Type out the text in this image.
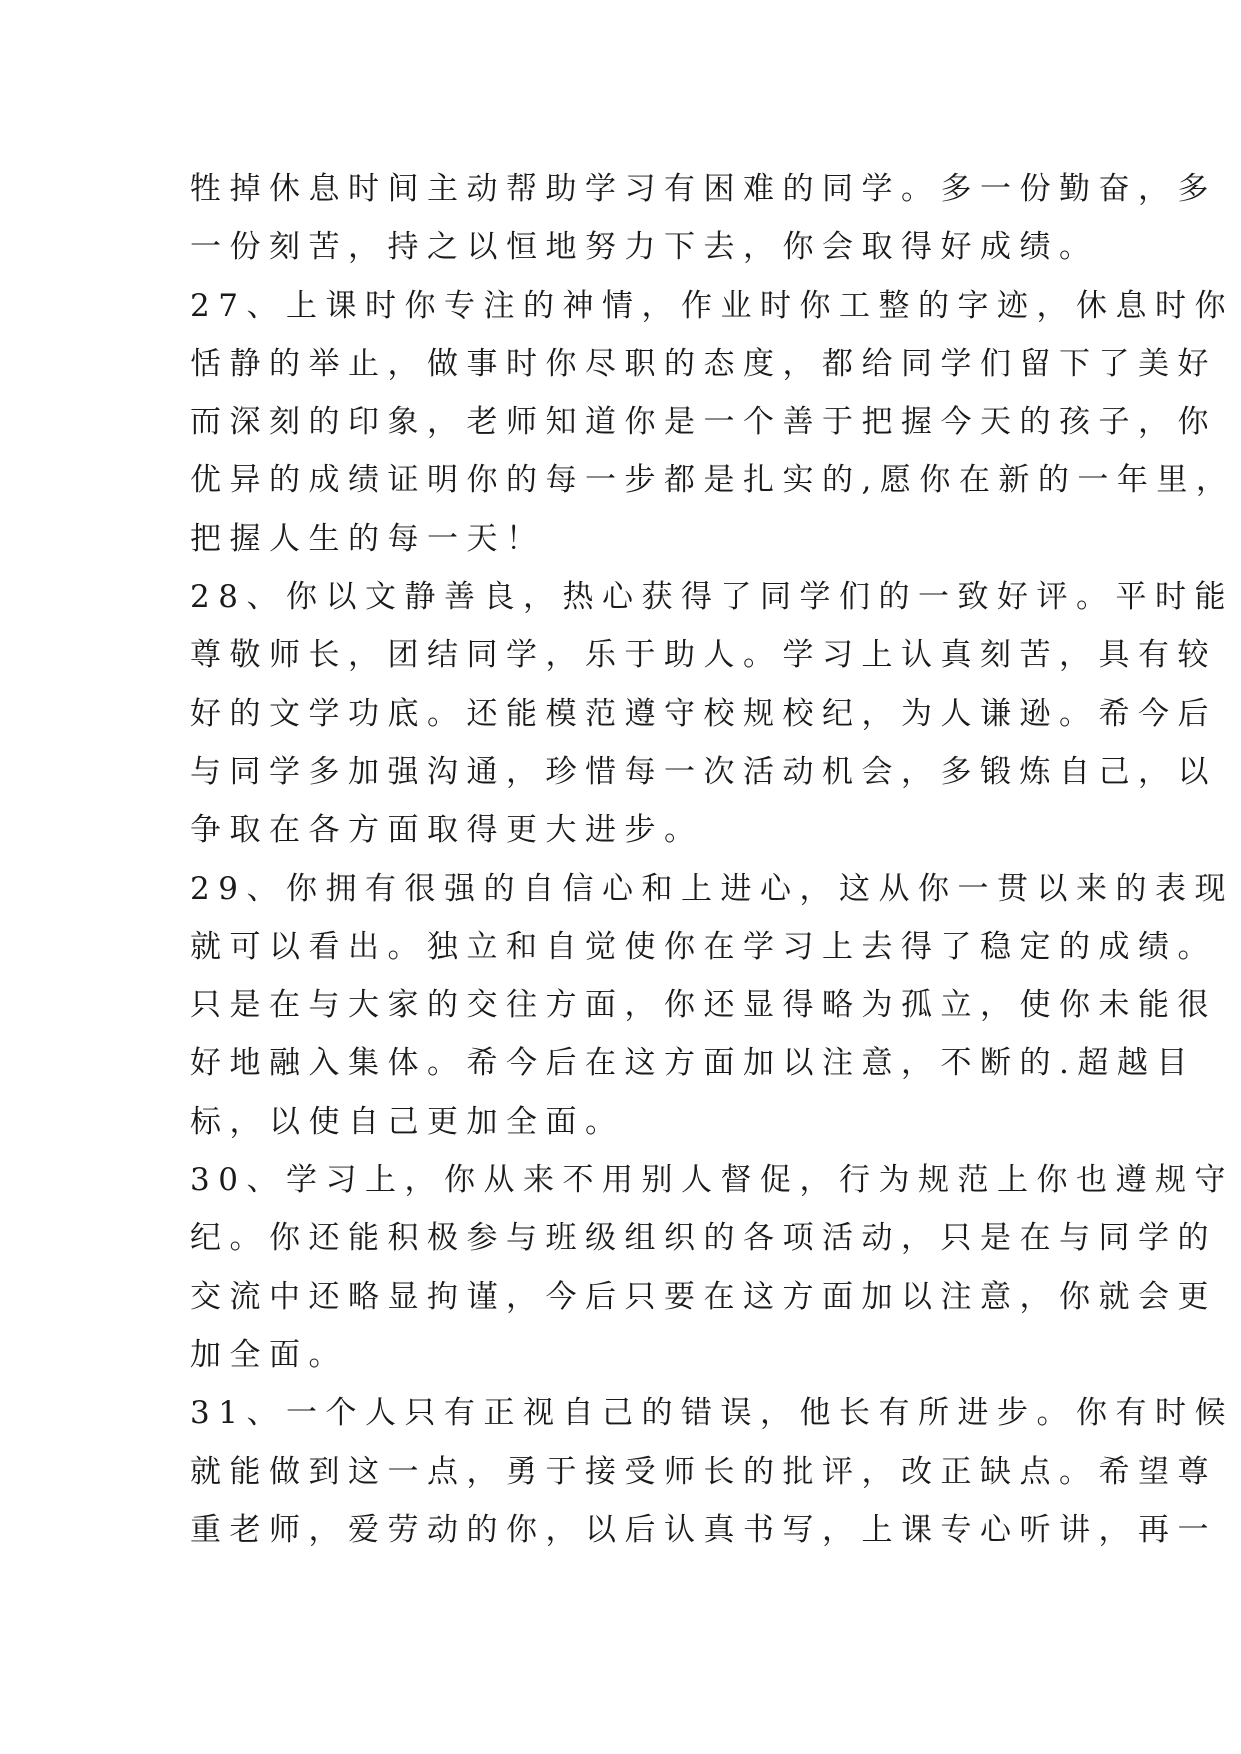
牲掉休息时间主动帮助学习有困难的同学。多一份勤奋，多
一份刻苦，持之以恒地努力下去，你会取得好成绩。
27、上课时你专注的神情，作业时你工整的字迹，休息时你
恬静的举止，做事时你尽职的态度，都给同学们留下了美好
而深刻的印象，老师知道你是一个善于把握今天的孩子，你
优异的成绩证明你的每一步都是扎实的,愿你在新的一年里，
把握人生的每一天！
28、你以文静善良，热心获得了同学们的一致好评。平时能
尊敬师长，团结同学，乐于助人。学习上认真刻苦，具有较
好的文学功底。还能模范遵守校规校纪，为人谦逊。希今后
与同学多加强沟通，珍惜每一次活动机会，多锻炼自己，以
争取在各方面取得更大进步。
29、你拥有很强的自信心和上进心，这从你一贯以来的表现
就可以看出。独立和自觉使你在学习上去得了稳定的成绩。
只是在与大家的交往方面，你还显得略为孤立，使你未能很
好地融入集体。希今后在这方面加以注意，不断的.超越目
标，以使自己更加全面。
30、学习上，你从来不用别人督促，行为规范上你也遵规守
纪。你还能积极参与班级组织的各项活动，只是在与同学的
交流中还略显拘谨，今后只要在这方面加以注意，你就会更
加全面。
31、一个人只有正视自己的错误，他长有所进步。你有时候
就能做到这一点，勇于接受师长的批评，改正缺点。希望尊
重老师，爱劳动的你，以后认真书写，上课专心听讲，再一
